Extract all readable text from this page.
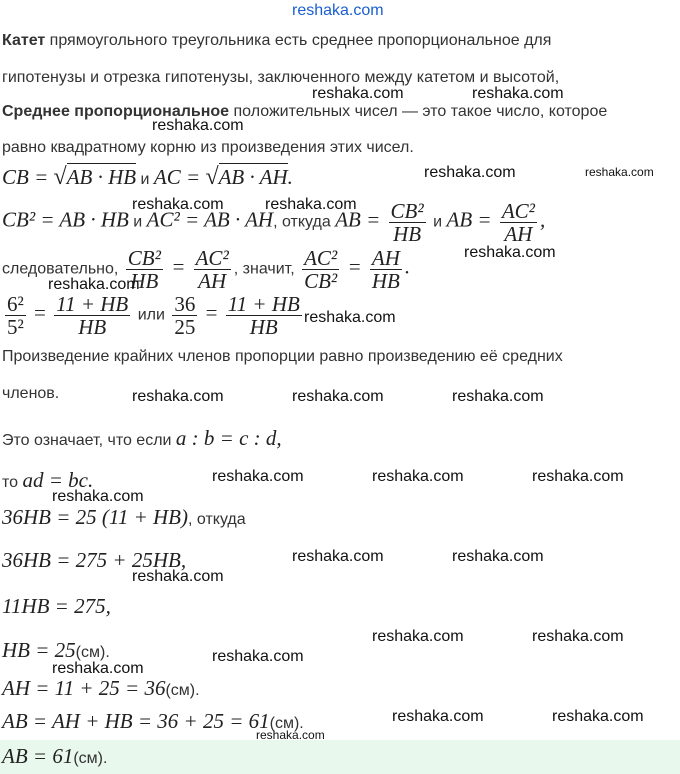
reshaka.com
Катет прямоугольного треугольника есть среднее пропорциональное для
гипотенузы и отрезка гипотенузы, заключенного между катетом и высотой,
Среднее пропорциональное положительных чисел — это такое число, которое
равно квадратному корню из произведения этих чисел.
CB = √AB · HB и AC = √AB · AH.
CB² = AB · HB и AC² = AB · AH, откуда AB = $\frac{\text{CB²}}{HB}$ и AB = $\frac{\text{AC²}}{AH}$ ,
следовательно, $\frac{\text{CB²}}{HB} = \frac{\text{AC²}}{AH}$ , значит, $\frac{\text{AC²}}{\text{CB²}} = \frac{AH}{HB}$ .
$\frac{\text{6²}}{\text{5²}} = \frac{11 + HB}{HB}$ или $\frac{36}{25} = \frac{11 + HB}{HB}$
Произведение крайних членов пропорции равно произведению её средних
членов.
Это означает, что если a : b = c : d,
то ad = bc.
36HB = 25 (11 + HB), откуда
36HB = 275 + 25HB,
11HB = 275,
HB = 25(см).
AH = 11 + 25 = 36(см).
AB = AH + HB = 36 + 25 = 61(см).
AB = 61(см).
reshaka.com	reshaka.com
reshaka.com
reshaka.com	reshaka.com
reshaka.com	reshaka.com
reshaka.com
reshaka.com
reshaka.com
reshaka.com	reshaka.com	reshaka.com
reshaka.com	reshaka.com	reshaka.com
reshaka.com
reshaka.com	reshaka.com
reshaka.com
reshaka.com	reshaka.com
reshaka.com
reshaka.com
reshaka.com	reshaka.com
reshaka.com
